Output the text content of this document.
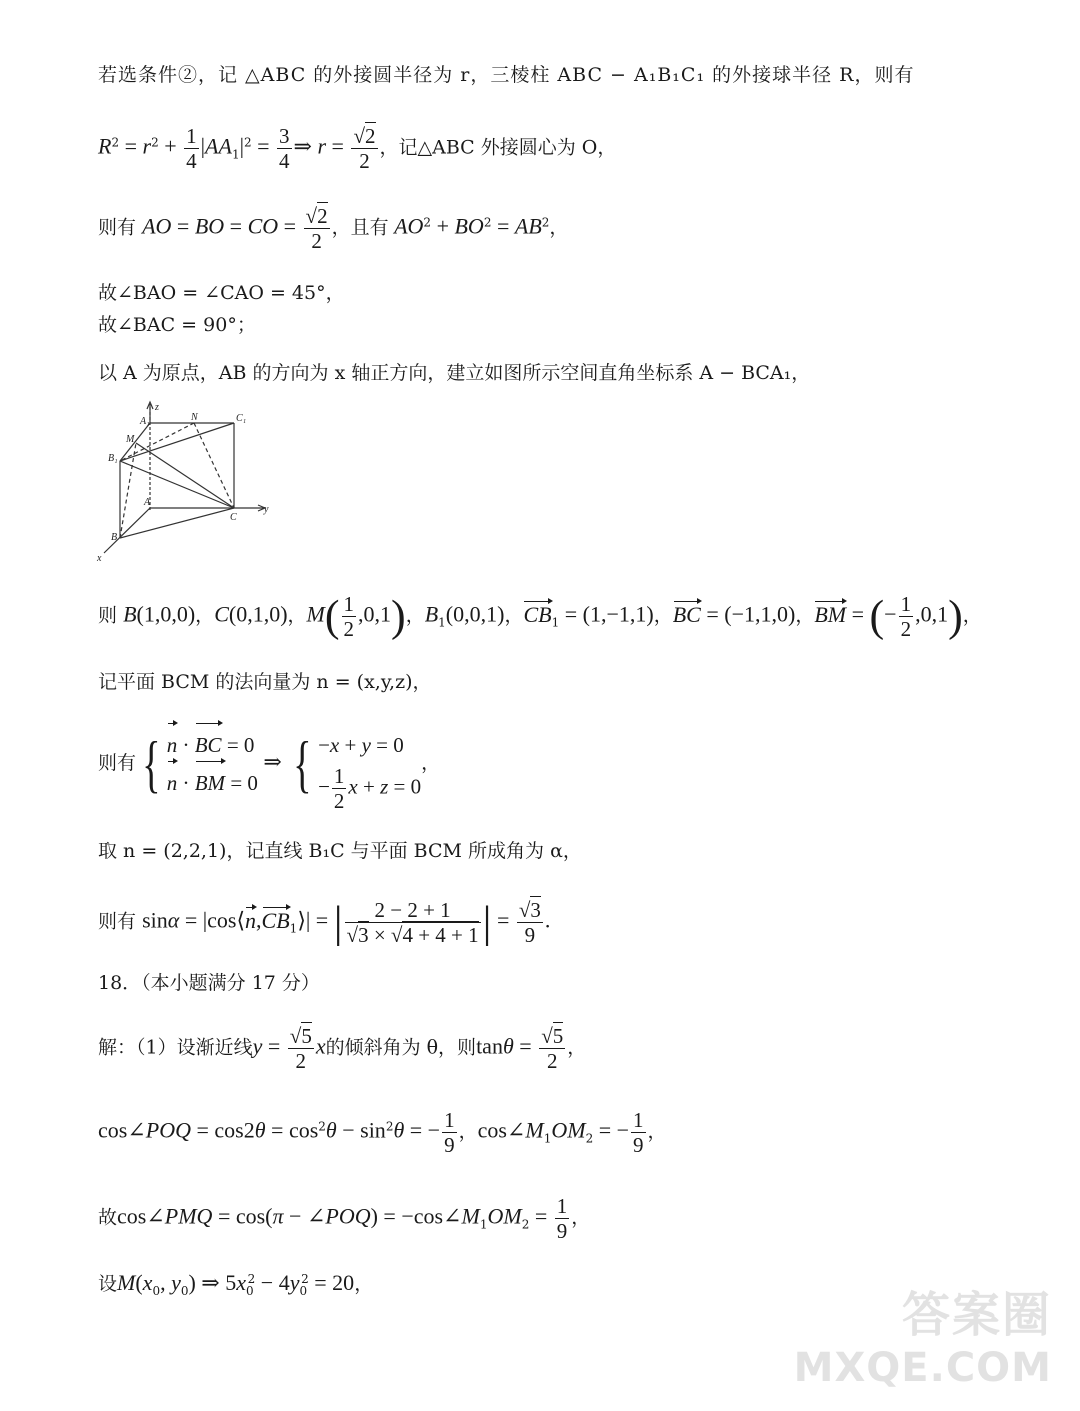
若选条件②，记 △ABC 的外接圆半径为 r，三棱柱 ABC − A₁B₁C₁ 的外接球半径 R，则有
$R^2 = r^2 + \frac{1}{4} |AA_1|^2 = \frac{3}{4}$ ⇒ $r = \frac{√2}{2}$ ，记△ABC 外接圆心为 O，
则有 AO = BO = CO = $\frac{√2}{2}$ ，且有 $AO^2 + BO^2 = AB^2$，
故∠BAO = ∠CAO = 45°，
故∠BAC = 90°；
以 A 为原点，AB 的方向为 x 轴正方向，建立如图所示空间直角坐标系 A − BCA₁，
z
A₁	N	C₁
M
B₁
A
C
y
B
x
则 B(1,0,0)，C(0,1,0)，$M( \frac{1}{2} ,0,1)$，$B_1(0,0,1)$，$CB_1 = (1,-1,1)$，BC = (−1,1,0)，BM = (− $\frac{1}{2} ,0,1$)，
记平面 BCM 的法向量为 n = (x,y,z)，
则有{ n · BC = 0
n · BM = 0
⇒ { −x + y = 0
− $\frac{1}{2}$ x + z = 0
，
取 n = (2,2,1)，记直线 B₁C 与平面 BCM 所成角为 α，
则有 $\sin\alpha = |\cos⟨n,CB_1⟩|$ = | $\frac{2 - 2 + 1}{√3 \times √4 + 4 + 1}$ | = $\frac{√3}{9}$ .
18．（本小题满分 17 分）
解：（1）设渐近线$y = \frac{√5}{2}$ x的倾斜角为 θ，则$\tan\theta = \frac{√5}{2}$ ，
cos∠POQ = $\cos 2\theta = \cos^2\theta - \sin^2\theta$ = − $\frac{1}{9}$ ，$\cos\angle M_1OM_2$ = − $\frac{1}{9}$ ，
故cos∠PMQ = cos(π − ∠POQ) = $-\cos\angle M_1OM_2 = \frac{1}{9}$ ，
设$M(x_0$, $y_0$) ⇒ $5x_0^2 - 4y_0^2 = 20$，
答案圈
MXQE.COM
